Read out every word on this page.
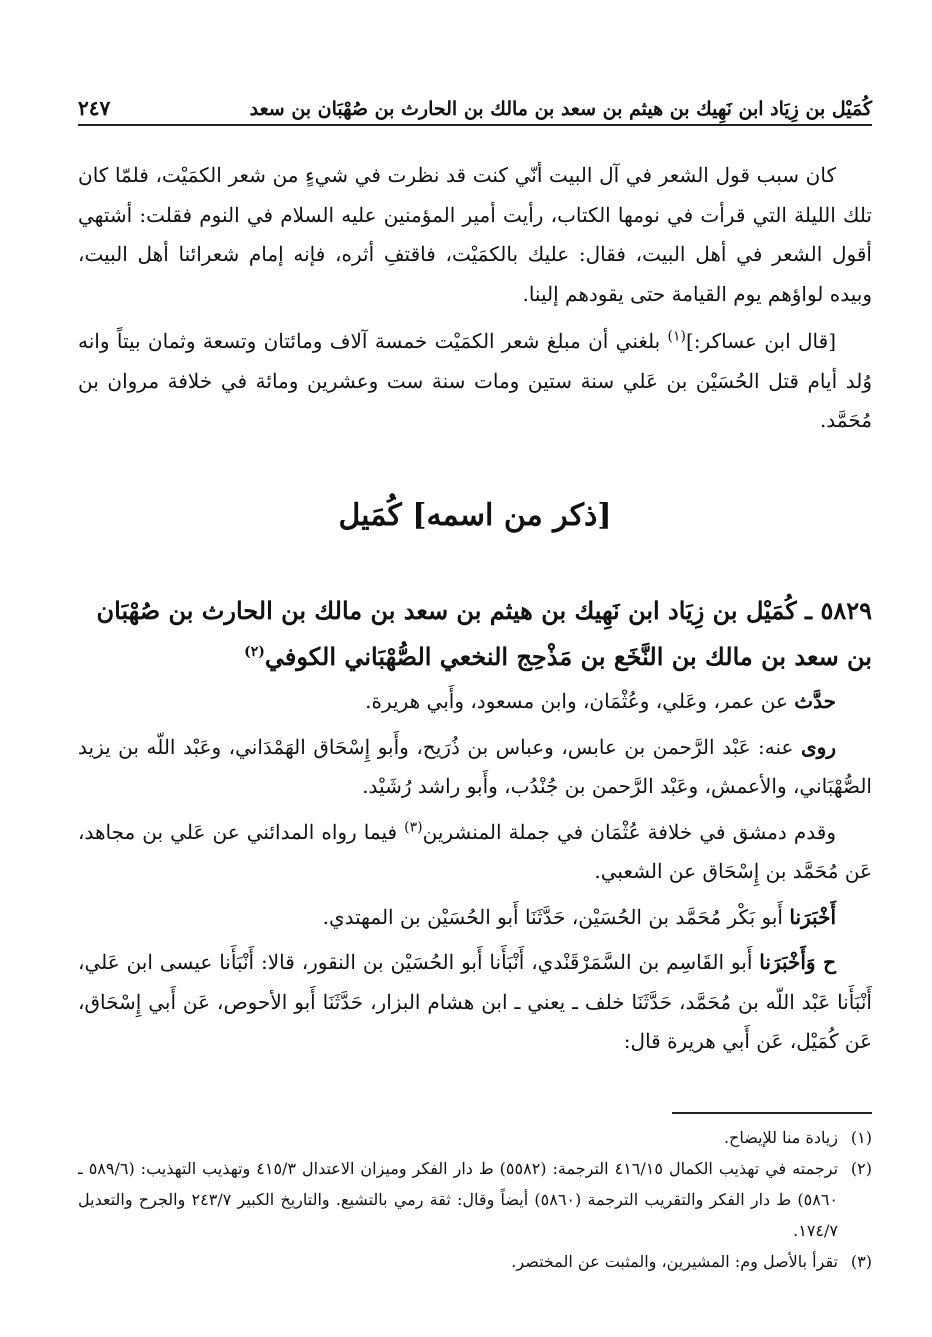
كُمَيْل بن زِيَاد ابن نَهِيك بن هيثم بن سعد بن مالك بن الحارث بن صُهْبَان بن سعد
٢٤٧

كان سبب قول الشعر في آل البيت أنّي كنت قد نظرت في شيءٍ من شعر الكمَيْت، فلمّا كان تلك الليلة التي قرأت في نومها الكتاب، رأيت أمير المؤمنين عليه السلام في النوم فقلت: أشتهي أقول الشعر في أهل البيت، فقال: عليك بالكمَيْت، فاقتفِ أثره، فإنه إمام شعرائنا أهل البيت، وبيده لواؤهم يوم القيامة حتى يقودهم إلينا.

[قال ابن عساكر:]$^{(١)}$ بلغني أن مبلغ شعر الكمَيْت خمسة آلاف ومائتان وتسعة وثمان بيتاً وانه وُلد أيام قتل الحُسَيْن بن عَلي سنة ستين ومات سنة ست وعشرين ومائة في خلافة مروان بن مُحَمَّد.

[ذكر من اسمه] كُمَيل
٥٨٢٩ ـ كُمَيْل بن زِيَاد ابن نَهِيك بن هيثم بن سعد بن مالك بن الحارث بن صُهْبَان بن سعد بن مالك بن النَّخَع بن مَذْحِج النخعي الصُّهْبَاني الكوفي$^{(٢)}$

حدَّث عن عمر، وعَلي، وعُثْمَان، وابن مسعود، وأَبي هريرة.

روى عنه: عَبْد الرَّحمن بن عابس، وعباس بن ذُرَيح، وأَبو إِسْحَاق الهَمْدَاني، وعَبْد اللّه بن يزيد الصُّهْبَاني، والأعمش، وعَبْد الرَّحمن بن جُنْدُب، وأَبو راشد رُشَيْد.

وقدم دمشق في خلافة عُثْمَان في جملة المنشرين$^{(٣)}$ فيما رواه المدائني عن عَلي بن مجاهد، عَن مُحَمَّد بن إِسْحَاق عن الشعبي.

أَخْبَرَنا أَبو بَكْر مُحَمَّد بن الحُسَيْن، حَدَّثَنَا أَبو الحُسَيْن بن المهتدي.

ح وَأَخْبَرَنا أَبو القَاسِم بن السَّمَرْقَنْدي، أَنْبَأَنا أَبو الحُسَيْن بن النقور، قالا: أَنْبَأَنا عيسى ابن عَلي، أَنْبَأَنا عَبْد اللّه بن مُحَمَّد، حَدَّثَنَا خلف ـ يعني ـ ابن هشام البزار، حَدَّثَنَا أَبو الأحوص، عَن أَبي إِسْحَاق، عَن كُمَيْل، عَن أَبي هريرة قال:

(١)
زيادة منا للإيضاح.
(٢)
ترجمته في تهذيب الكمال ٤١٦/١٥ الترجمة: (٥٥٨٢) ط دار الفكر وميزان الاعتدال ٤١٥/٣ وتهذيب التهذيب: (٥٨٩/٦ ـ ٥٨٦٠) ط دار الفكر والتقريب الترجمة (٥٨٦٠) أيضاً وقال: ثقة رمي بالتشيع. والتاريخ الكبير ٢٤٣/٧ والجرح والتعديل ١٧٤/٧.
(٣)
تقرأ بالأصل وم: المشيرين، والمثبت عن المختصر.
